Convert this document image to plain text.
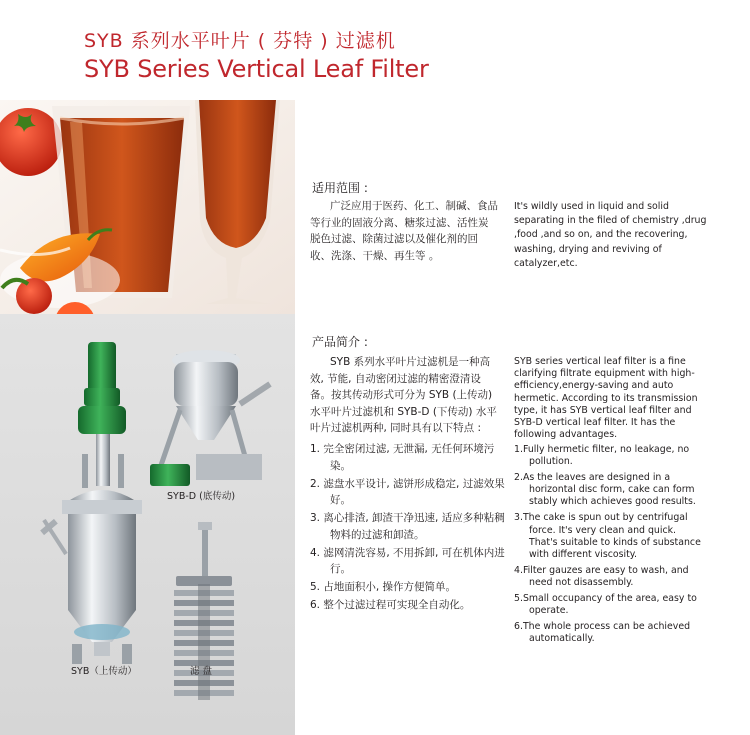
SYB 系列水平叶片 ( 芬特 ) 过滤机
SYB Series Vertical Leaf Filter
SYB-D (底传动)
SYB（上传动）	滤 盘
适用范围 :

广泛应用于医药、化工、制碱、食品等行业的固液分离、糖浆过滤、活性炭脱色过滤、除菌过滤以及催化剂的回收、洗涤、干燥、再生等 。

It's wildly used in liquid and solid separating in the filed of chemistry ,drug ,food ,and so on, and the recovering, washing, drying and reviving of catalyzer,etc.

产品简介 :

SYB 系列水平叶片过滤机是一种高效, 节能, 自动密闭过滤的精密澄清设备。按其传动形式可分为 SYB (上传动) 水平叶片过滤机和 SYB-D (下传动) 水平叶片过滤机两种, 同时具有以下特点 :

SYB series vertical leaf filter is a fine clarifying filtrate equipment with high-efficiency,energy-saving and auto hermetic. According to its transmission type, it has SYB vertical leaf filter and SYB-D vertical leaf filter. It has the following advantages.

1. 完全密闭过滤, 无泄漏, 无任何环境污染。

2. 滤盘水平设计, 滤饼形成稳定, 过滤效果好。

3. 离心排渣, 卸渣干净迅速, 适应多种粘稠物料的过滤和卸渣。

4. 滤网清洗容易, 不用拆卸, 可在机体内进行。

5. 占地面积小, 操作方便简单。

6. 整个过滤过程可实现全自动化。

1.Fully hermetic filter, no leakage, no pollution.

2.As the leaves are designed in a horizontal disc form, cake can form stably which achieves good results.

3.The cake is spun out by centrifugal force. It's very clean and quick. That's suitable to kinds of substance with different viscosity.

4.Filter gauzes are easy to wash, and need not disassembly.

5.Small occupancy of the area, easy to operate.

6.The whole process can be achieved automatically.
